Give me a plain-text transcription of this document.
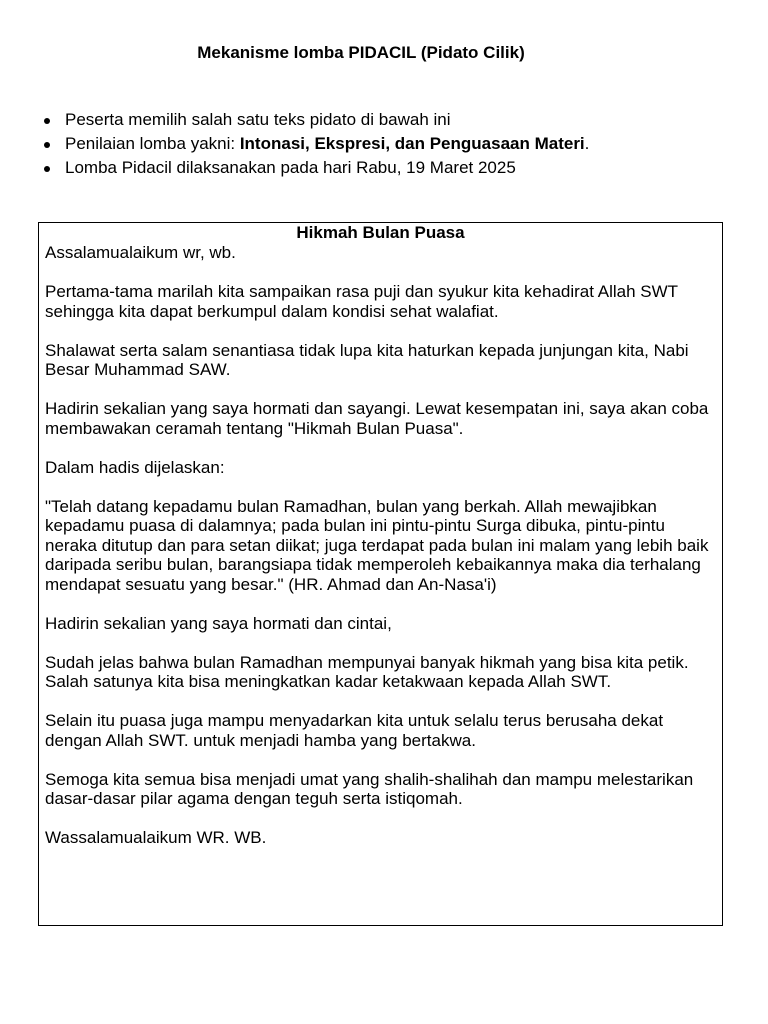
Mekanisme lomba PIDACIL (Pidato Cilik)
Peserta memilih salah satu teks pidato di bawah ini
Penilaian lomba yakni: Intonasi, Ekspresi, dan Penguasaan Materi.
Lomba Pidacil dilaksanakan pada hari Rabu, 19 Maret 2025
Hikmah Bulan Puasa

Assalamualaikum wr, wb.

Pertama-tama marilah kita sampaikan rasa puji dan syukur kita kehadirat Allah SWT sehingga kita dapat berkumpul dalam kondisi sehat walafiat.

Shalawat serta salam senantiasa tidak lupa kita haturkan kepada junjungan kita, Nabi Besar Muhammad SAW.

Hadirin sekalian yang saya hormati dan sayangi. Lewat kesempatan ini, saya akan coba membawakan ceramah tentang "Hikmah Bulan Puasa".

Dalam hadis dijelaskan:

"Telah datang kepadamu bulan Ramadhan, bulan yang berkah. Allah mewajibkan kepadamu puasa di dalamnya; pada bulan ini pintu-pintu Surga dibuka, pintu-pintu neraka ditutup dan para setan diikat; juga terdapat pada bulan ini malam yang lebih baik daripada seribu bulan, barangsiapa tidak memperoleh kebaikannya maka dia terhalang mendapat sesuatu yang besar." (HR. Ahmad dan An-Nasa'i)

Hadirin sekalian yang saya hormati dan cintai,

Sudah jelas bahwa bulan Ramadhan mempunyai banyak hikmah yang bisa kita petik. Salah satunya kita bisa meningkatkan kadar ketakwaan kepada Allah SWT.

Selain itu puasa juga mampu menyadarkan kita untuk selalu terus berusaha dekat dengan Allah SWT. untuk menjadi hamba yang bertakwa.

Semoga kita semua bisa menjadi umat yang shalih-shalihah dan mampu melestarikan dasar-dasar pilar agama dengan teguh serta istiqomah.

Wassalamualaikum WR. WB.
